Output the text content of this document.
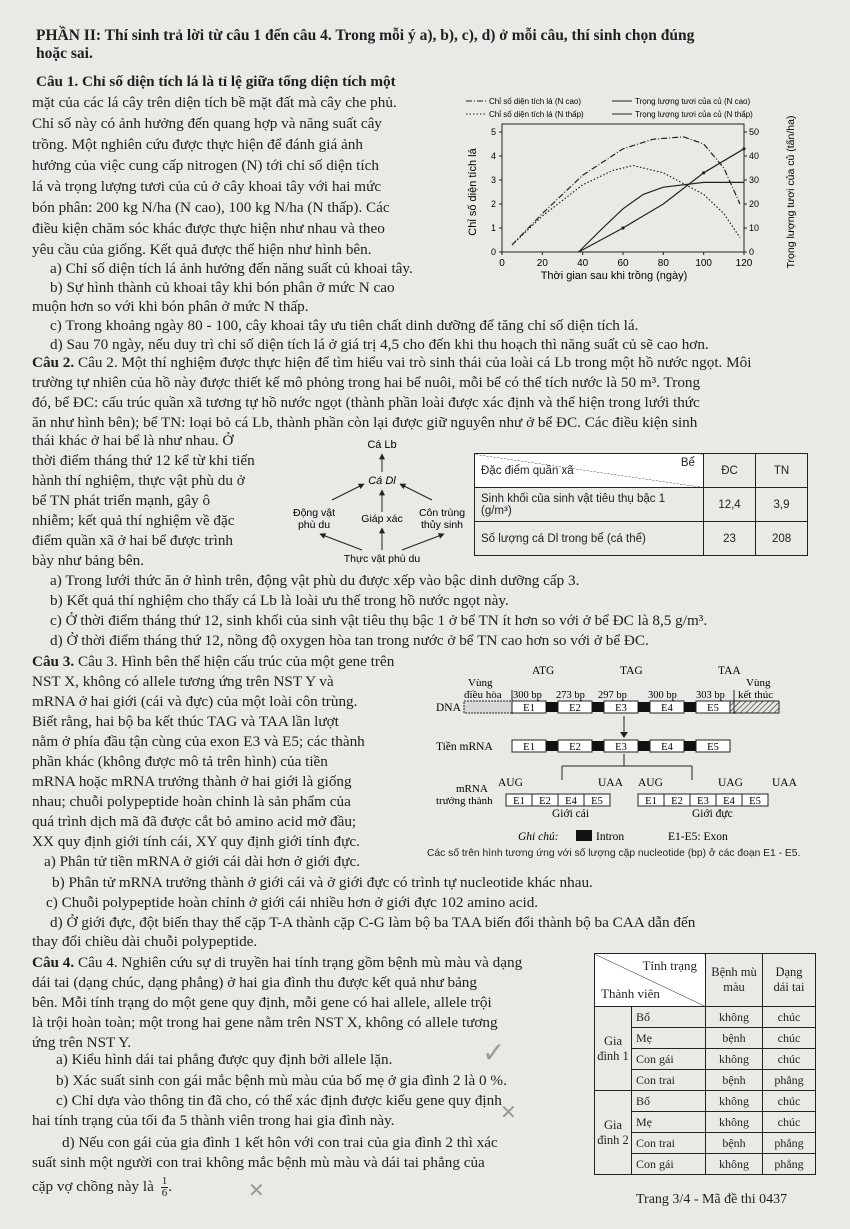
PHẦN II: Thí sinh trả lời từ câu 1 đến câu 4. Trong mỗi ý a), b), c), d) ở mỗi câu, thí sinh chọn đúng
hoặc sai.
Câu 1. Chỉ số diện tích lá là tỉ lệ giữa tổng diện tích một
mặt của các lá cây trên diện tích bề mặt đất mà cây che phủ.
Chỉ số này có ảnh hưởng đến quang hợp và năng suất cây
trồng. Một nghiên cứu được thực hiện để đánh giá ảnh
hưởng của việc cung cấp nitrogen (N) tới chỉ số diện tích
lá và trọng lượng tươi của củ ở cây khoai tây với hai mức
bón phân: 200 kg N/ha (N cao), 100 kg N/ha (N thấp). Các
điều kiện chăm sóc khác được thực hiện như nhau và theo
yêu cầu của giống. Kết quả được thể hiện như hình bên.
a) Chỉ số diện tích lá ảnh hưởng đến năng suất củ khoai tây.
b) Sự hình thành củ khoai tây khi bón phân ở mức N cao
muộn hơn so với khi bón phân ở mức N thấp.
c) Trong khoảng ngày 80 - 100, cây khoai tây ưu tiên chất dinh dưỡng để tăng chỉ số diện tích lá.
d) Sau 70 ngày, nếu duy trì chỉ số diện tích lá ở giá trị 4,5 cho đến khi thu hoạch thì năng suất củ sẽ cao hơn.
Chỉ số diện tích lá (N cao)	Trọng lượng tươi của củ (N cao)
Chỉ số diện tích lá (N thấp)	Trọng lượng tươi của củ (N thấp)
0	20	40	60	80	100 120
0
1
2
3
4
5
0
10
20
30
40
50
Thời gian sau khi trồng (ngày)
Chỉ số diện tích lá	Trọng lượng tươi của củ (tấn/ha)
Câu 2. Câu 2. Một thí nghiệm được thực hiện để tìm hiểu vai trò sinh thái của loài cá Lb trong một hồ nước ngọt. Môi
trường tự nhiên của hồ này được thiết kế mô phỏng trong hai bể nuôi, mỗi bể có thể tích nước là 50 m³. Trong
đó, bể ĐC: cấu trúc quần xã tương tự hồ nước ngọt (thành phần loài được xác định và thể hiện trong lưới thức
ăn như hình bên); bể TN: loại bỏ cá Lb, thành phần còn lại được giữ nguyên như ở bể ĐC. Các điều kiện sinh
thái khác ở hai bể là như nhau. Ở
thời điểm tháng thứ 12 kể từ khi tiến
hành thí nghiệm, thực vật phù du ở
bể TN phát triển mạnh, gây ô
nhiễm; kết quả thí nghiệm về đặc
điểm quần xã ở hai bể được trình
bày như bảng bên.
Cá Lb
Cá Dl
Động vật phù du	Giáp xác Côn trùng thủy sinh
Thực vật phù du
Đặc điểm quần xã
Bể	ĐC	TN
Sinh khối của sinh vật tiêu thụ bậc 1 (g/m³)	12,4	3,9
Số lượng cá Dl trong bể (cá thể)	23	208
a) Trong lưới thức ăn ở hình trên, động vật phù du được xếp vào bậc dinh dưỡng cấp 3.
b) Kết quả thí nghiệm cho thấy cá Lb là loài ưu thế trong hồ nước ngọt này.
c) Ở thời điểm tháng thứ 12, sinh khối của sinh vật tiêu thụ bậc 1 ở bể TN ít hơn so với ở bể ĐC là 8,5 g/m³.
d) Ở thời điểm tháng thứ 12, nồng độ oxygen hòa tan trong nước ở bể TN cao hơn so với ở bể ĐC.
Câu 3. Câu 3. Hình bên thể hiện cấu trúc của một gene trên
NST X, không có allele tương ứng trên NST Y và
mRNA ở hai giới (cái và đực) của một loài côn trùng.
Biết rằng, hai bộ ba kết thúc TAG và TAA lần lượt
nằm ở phía đầu tận cùng của exon E3 và E5; các thành
phần khác (không được mô tả trên hình) của tiền
mRNA hoặc mRNA trưởng thành ở hai giới là giống
nhau; chuỗi polypeptide hoàn chỉnh là sản phẩm của
quá trình dịch mã đã được cắt bỏ amino acid mở đầu;
XX quy định giới tính cái, XY quy định giới tính đực.
ATG	TAG	TAA
Vùng điều hòa
Vùng kết thúc
300 bp 273 bp 297 bp 300 bp 303 bp
DNA	E1	E2	E3	E4	E5
Tiền mRNA	E1	E2	E3	E4	E5
AUG	UAA AUG	UAG	UAA
mRNA trưởng thành E1 E2 E4 E5	E1 E2 E3 E4 E5
Giới cái	Giới đực
Ghi chú:	Intron	E1-E5: Exon
Các số trên hình tương ứng với số lượng cặp nucleotide (bp) ở các đoạn E1 - E5.
a) Phân tử tiền mRNA ở giới cái dài hơn ở giới đực.
b) Phân tử mRNA trưởng thành ở giới cái và ở giới đực có trình tự nucleotide khác nhau.
c) Chuỗi polypeptide hoàn chỉnh ở giới cái nhiều hơn ở giới đực 102 amino acid.
d) Ở giới đực, đột biến thay thế cặp T-A thành cặp C-G làm bộ ba TAA biến đổi thành bộ ba CAA dẫn đến
thay đổi chiều dài chuỗi polypeptide.
Câu 4. Câu 4. Nghiên cứu sự di truyền hai tính trạng gồm bệnh mù màu và dạng
dái tai (dạng chúc, dạng phẳng) ở hai gia đình thu được kết quả như bảng
bên. Mỗi tính trạng do một gene quy định, mỗi gene có hai allele, allele trội
là trội hoàn toàn; một trong hai gene nằm trên NST X, không có allele tương
ứng trên NST Y.
a) Kiểu hình dái tai phẳng được quy định bởi allele lặn.
b) Xác suất sinh con gái mắc bệnh mù màu của bố mẹ ở gia đình 2 là 0 %.
c) Chỉ dựa vào thông tin đã cho, có thể xác định được kiểu gene quy định
hai tính trạng của tối đa 5 thành viên trong hai gia đình này.
d) Nếu con gái của gia đình 1 kết hôn với con trai của gia đình 2 thì xác
suất sinh một người con trai không mắc bệnh mù màu và dái tai phẳng của
cặp vợ chồng này là $\frac{1}{6}$ .
Tính trạng
Thành viên		Bệnh mù màu	Dạng dái tai
Gia đình 1	Bố	không	chúc
	Mẹ	bệnh	chúc
	Con gái	không	chúc
	Con trai	bệnh	phẳng
Gia đình 2	Bố	không	chúc
	Mẹ	không	chúc
	Con trai	bệnh	phẳng
	Con gái	không	phẳng
✓
✕
✕	Trang 3/4 - Mã đề thi 0437
